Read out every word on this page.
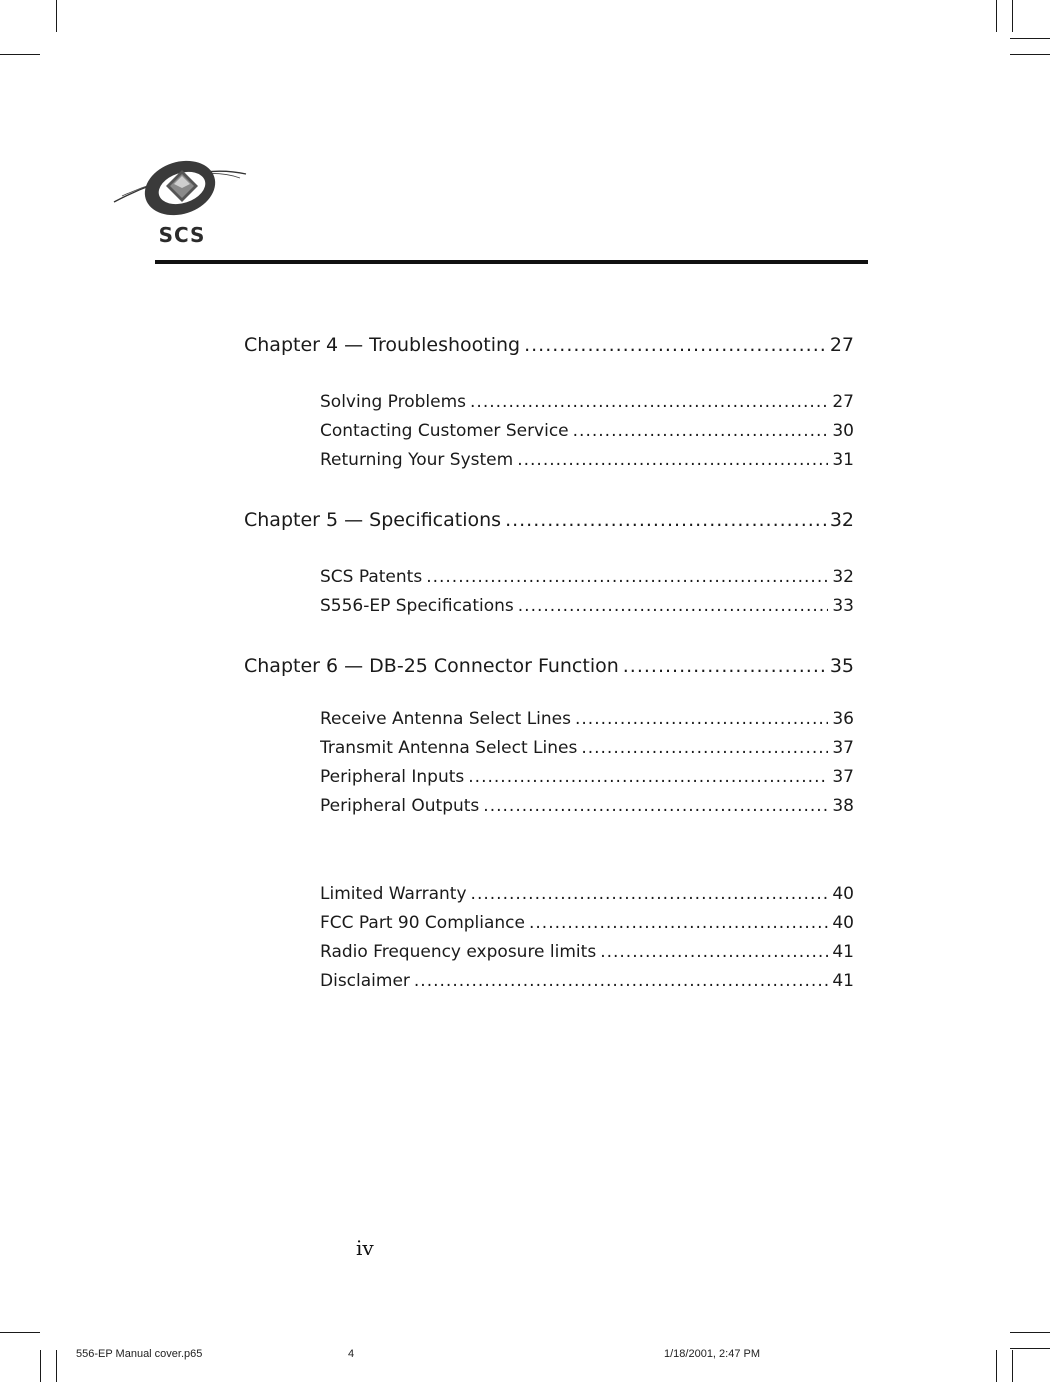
SCS
Chapter 4 — Troubleshooting .....	27
Solving Problems .....	27
Contacting Customer Service .....	30
Returning Your System .....	31
Chapter 5 — Specifications .....	32
SCS Patents .....	32
S556-EP Specifications .....	33
Chapter 6 — DB-25 Connector Function .....	35
Receive Antenna Select Lines .....	36
Transmit Antenna Select Lines .....	37
Peripheral Inputs .....	37
Peripheral Outputs .....	38
Limited Warranty .....	40
FCC Part 90 Compliance .....	40
Radio Frequency exposure limits .....	41
Disclaimer .....	41
iv
556-EP Manual cover.p65	4	1/18/2001, 2:47 PM
